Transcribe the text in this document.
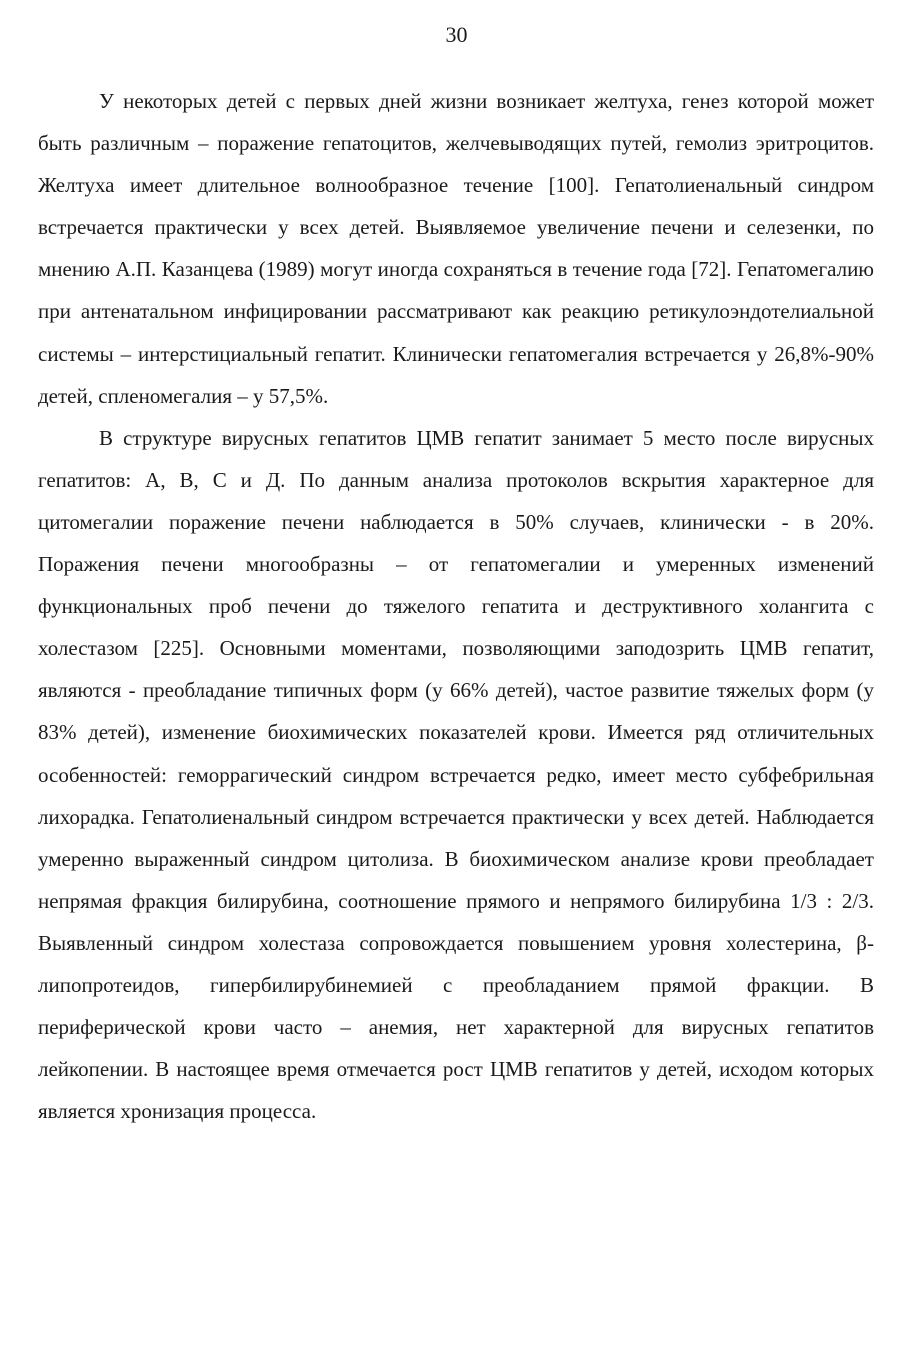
30

У некоторых детей с первых дней жизни возникает желтуха, генез которой может быть различным – поражение гепатоцитов, желчевыводящих путей, гемолиз эритроцитов. Желтуха имеет длительное волнообразное течение [100]. Гепатолиенальный синдром встречается практически у всех детей. Выявляемое увеличение печени и селезенки, по мнению А.П. Казанцева (1989) могут иногда сохраняться в течение года [72]. Гепатомегалию при антенатальном инфицировании рассматривают как реакцию ретикулоэндотелиальной системы – интерстициальный гепатит. Клинически гепатомегалия встречается у 26,8%-90% детей, спленомегалия – у 57,5%.

В структуре вирусных гепатитов ЦМВ гепатит занимает 5 место после вирусных гепатитов: А, В, С и Д. По данным анализа протоколов вскрытия характерное для цитомегалии поражение печени наблюдается в 50% случаев, клинически - в 20%. Поражения печени многообразны – от гепатомегалии и умеренных изменений функциональных проб печени до тяжелого гепатита и деструктивного холангита с холестазом [225]. Основными моментами, позволяющими заподозрить ЦМВ гепатит, являются - преобладание типичных форм (у 66% детей), частое развитие тяжелых форм (у 83% детей), изменение биохимических показателей крови. Имеется ряд отличительных особенностей: геморрагический синдром встречается редко, имеет место субфебрильная лихорадка. Гепатолиенальный синдром встречается практически у всех детей. Наблюдается умеренно выраженный синдром цитолиза. В биохимическом анализе крови преобладает непрямая фракция билирубина, соотношение прямого и непрямого билирубина 1/3 : 2/3. Выявленный синдром холестаза сопровождается повышением уровня холестерина, β-липопротеидов, гипербилирубинемией с преобладанием прямой фракции. В периферической крови часто – анемия, нет характерной для вирусных гепатитов лейкопении. В настоящее время отмечается рост ЦМВ гепатитов у детей, исходом которых является хронизация процесса.
